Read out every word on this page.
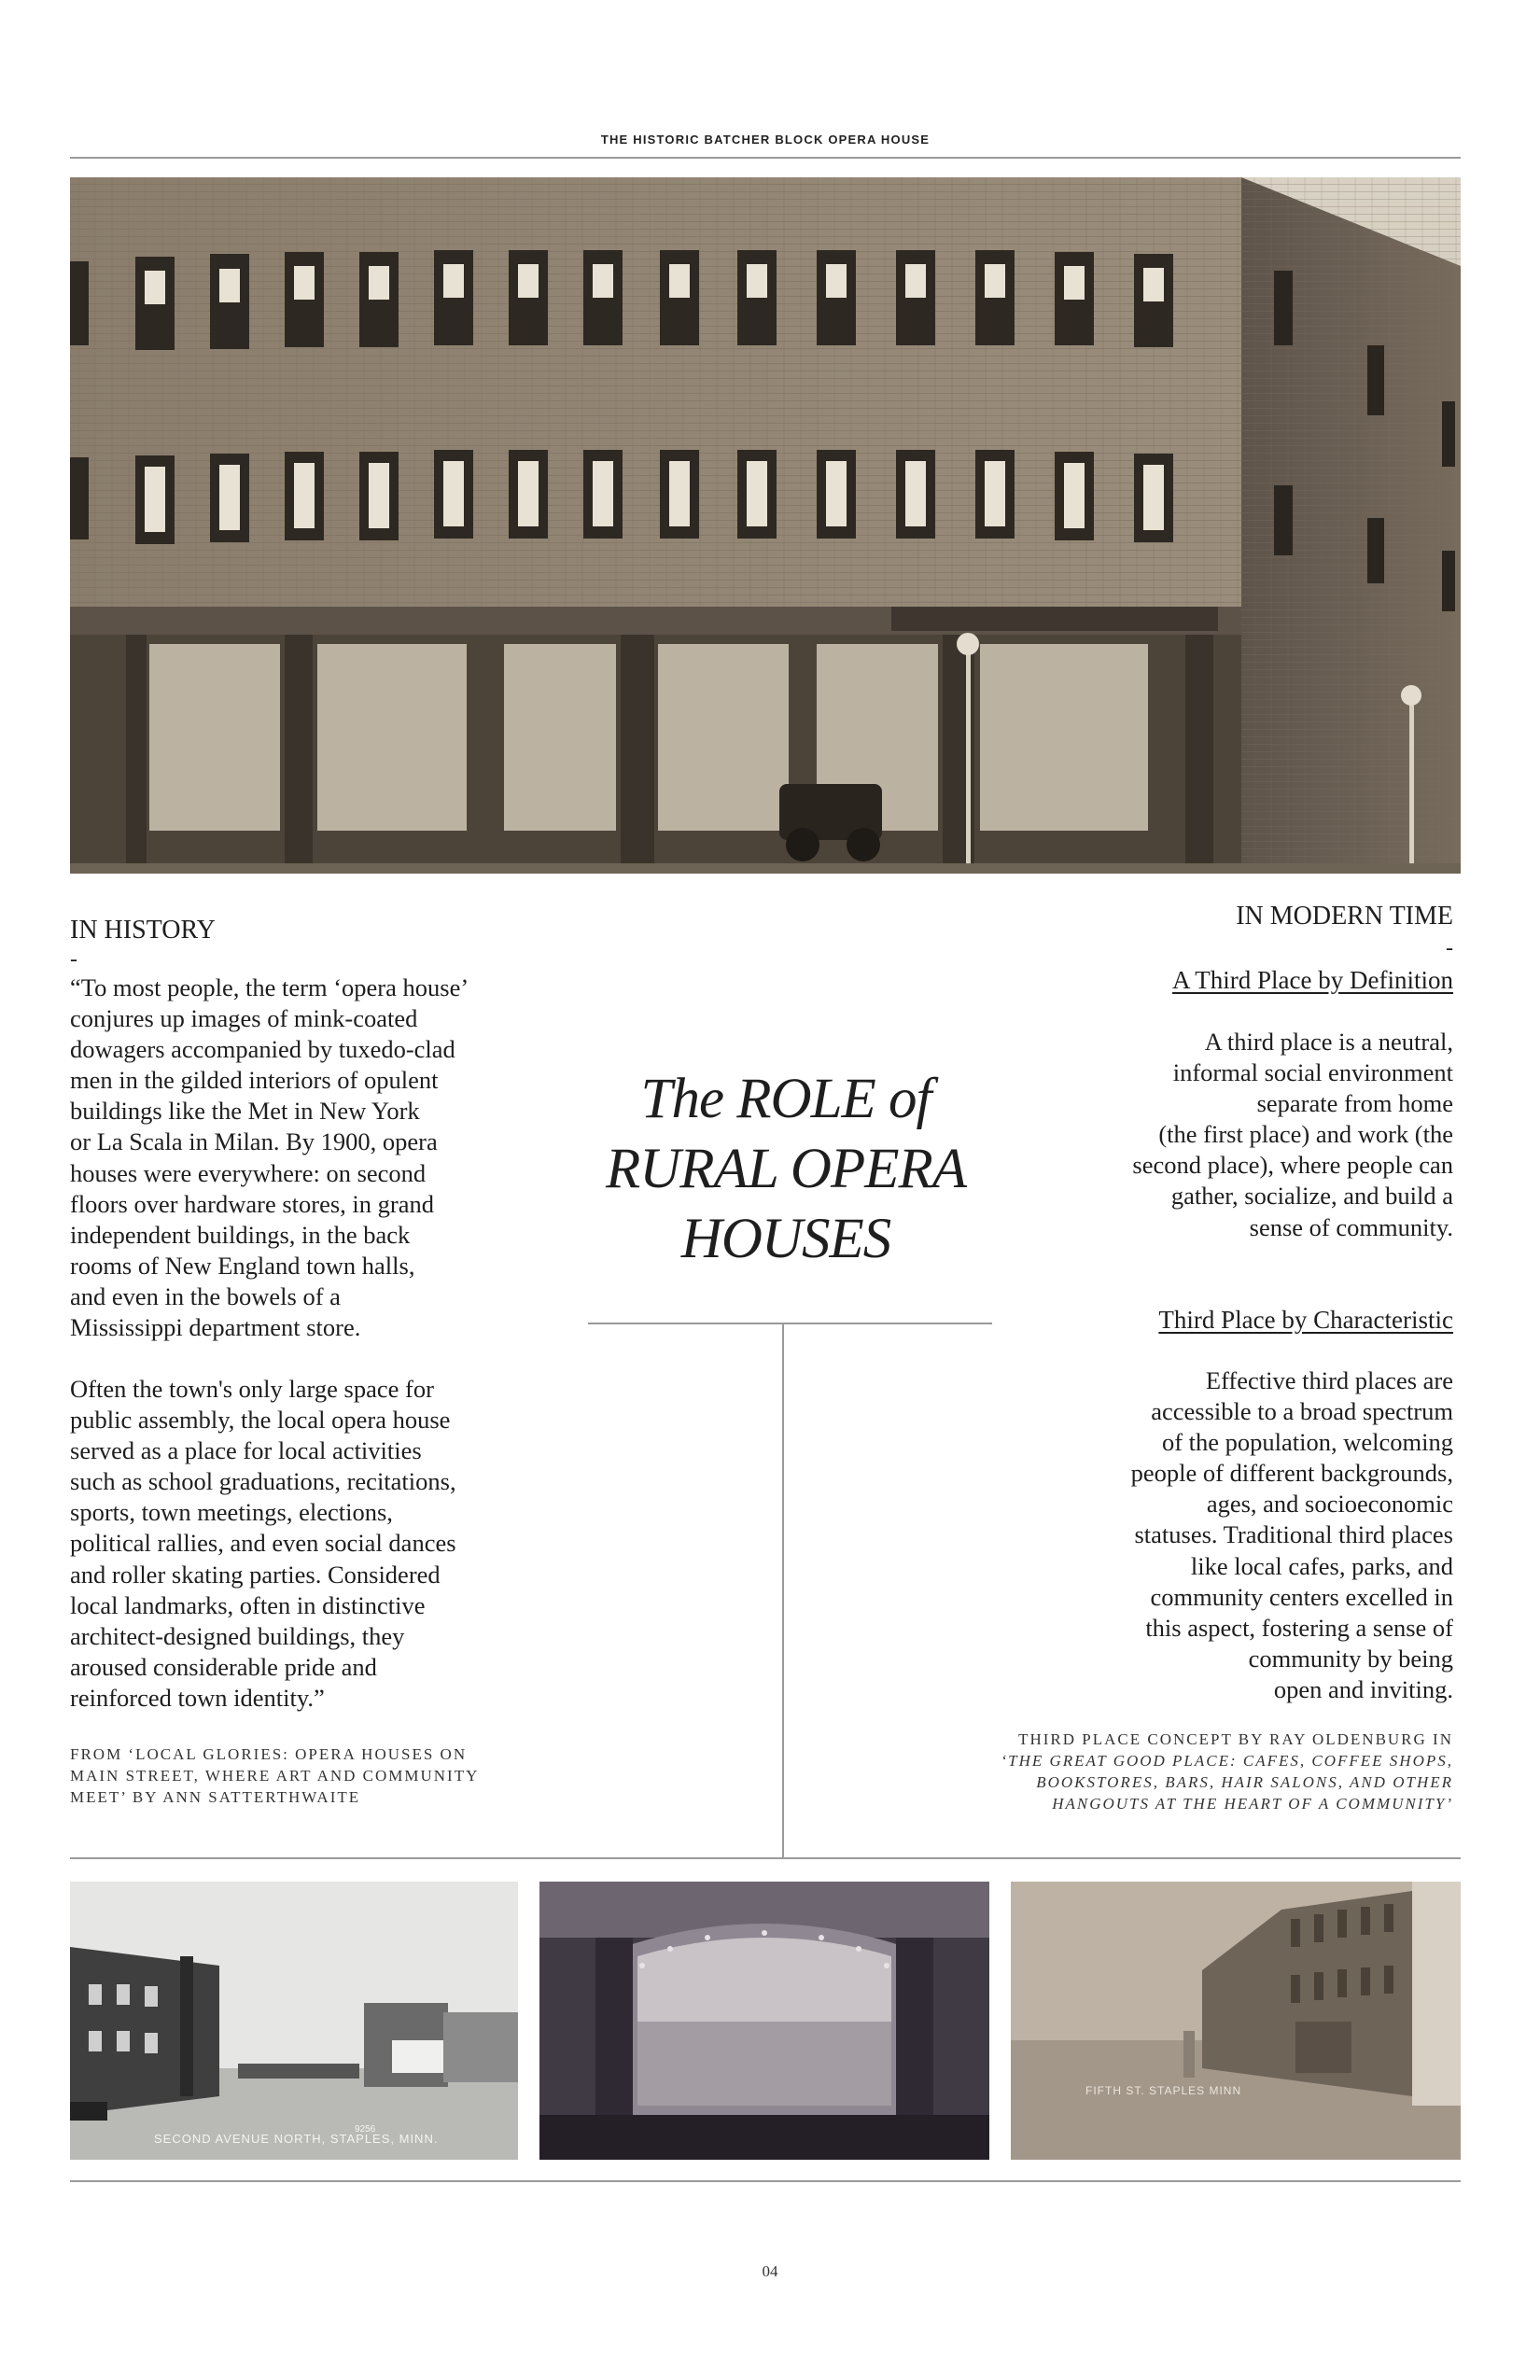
THE HISTORIC BATCHER BLOCK OPERA HOUSE
IN HISTORY
-

“To most people, the term ‘opera house’

conjures up images of mink-coated

dowagers accompanied by tuxedo-clad

men in the gilded interiors of opulent

buildings like the Met in New York

or La Scala in Milan. By 1900, opera

houses were everywhere: on second

floors over hardware stores, in grand

independent buildings, in the back

rooms of New England town halls,

and even in the bowels of a

Mississippi department store.

Often the town's only large space for

public assembly, the local opera house

served as a place for local activities

such as school graduations, recitations,

sports, town meetings, elections,

political rallies, and even social dances

and roller skating parties. Considered

local landmarks, often in distinctive

architect-designed buildings, they

aroused considerable pride and

reinforced town identity.”

FROM ‘LOCAL GLORIES: OPERA HOUSES ON
MAIN STREET, WHERE ART AND COMMUNITY
MEET’ BY ANN SATTERTHWAITE
The ROLE of
RURAL OPERA
HOUSES
IN MODERN TIME
-
A Third Place by Definition

A third place is a neutral,

informal social environment

separate from home

(the first place) and work (the

second place), where people can

gather, socialize, and build a

sense of community.

Third Place by Characteristic

Effective third places are

accessible to a broad spectrum

of the population, welcoming

people of different backgrounds,

ages, and socioeconomic

statuses. Traditional third places

like local cafes, parks, and

community centers excelled in

this aspect, fostering a sense of

community by being

open and inviting.

THIRD PLACE CONCEPT BY RAY OLDENBURG IN
‘THE GREAT GOOD PLACE: CAFES, COFFEE SHOPS,
BOOKSTORES, BARS, HAIR SALONS, AND OTHER
HANGOUTS AT THE HEART OF A COMMUNITY’
SECOND AVENUE NORTH, STAPLES, MINN.
9256
FIFTH ST. STAPLES MINN
04
